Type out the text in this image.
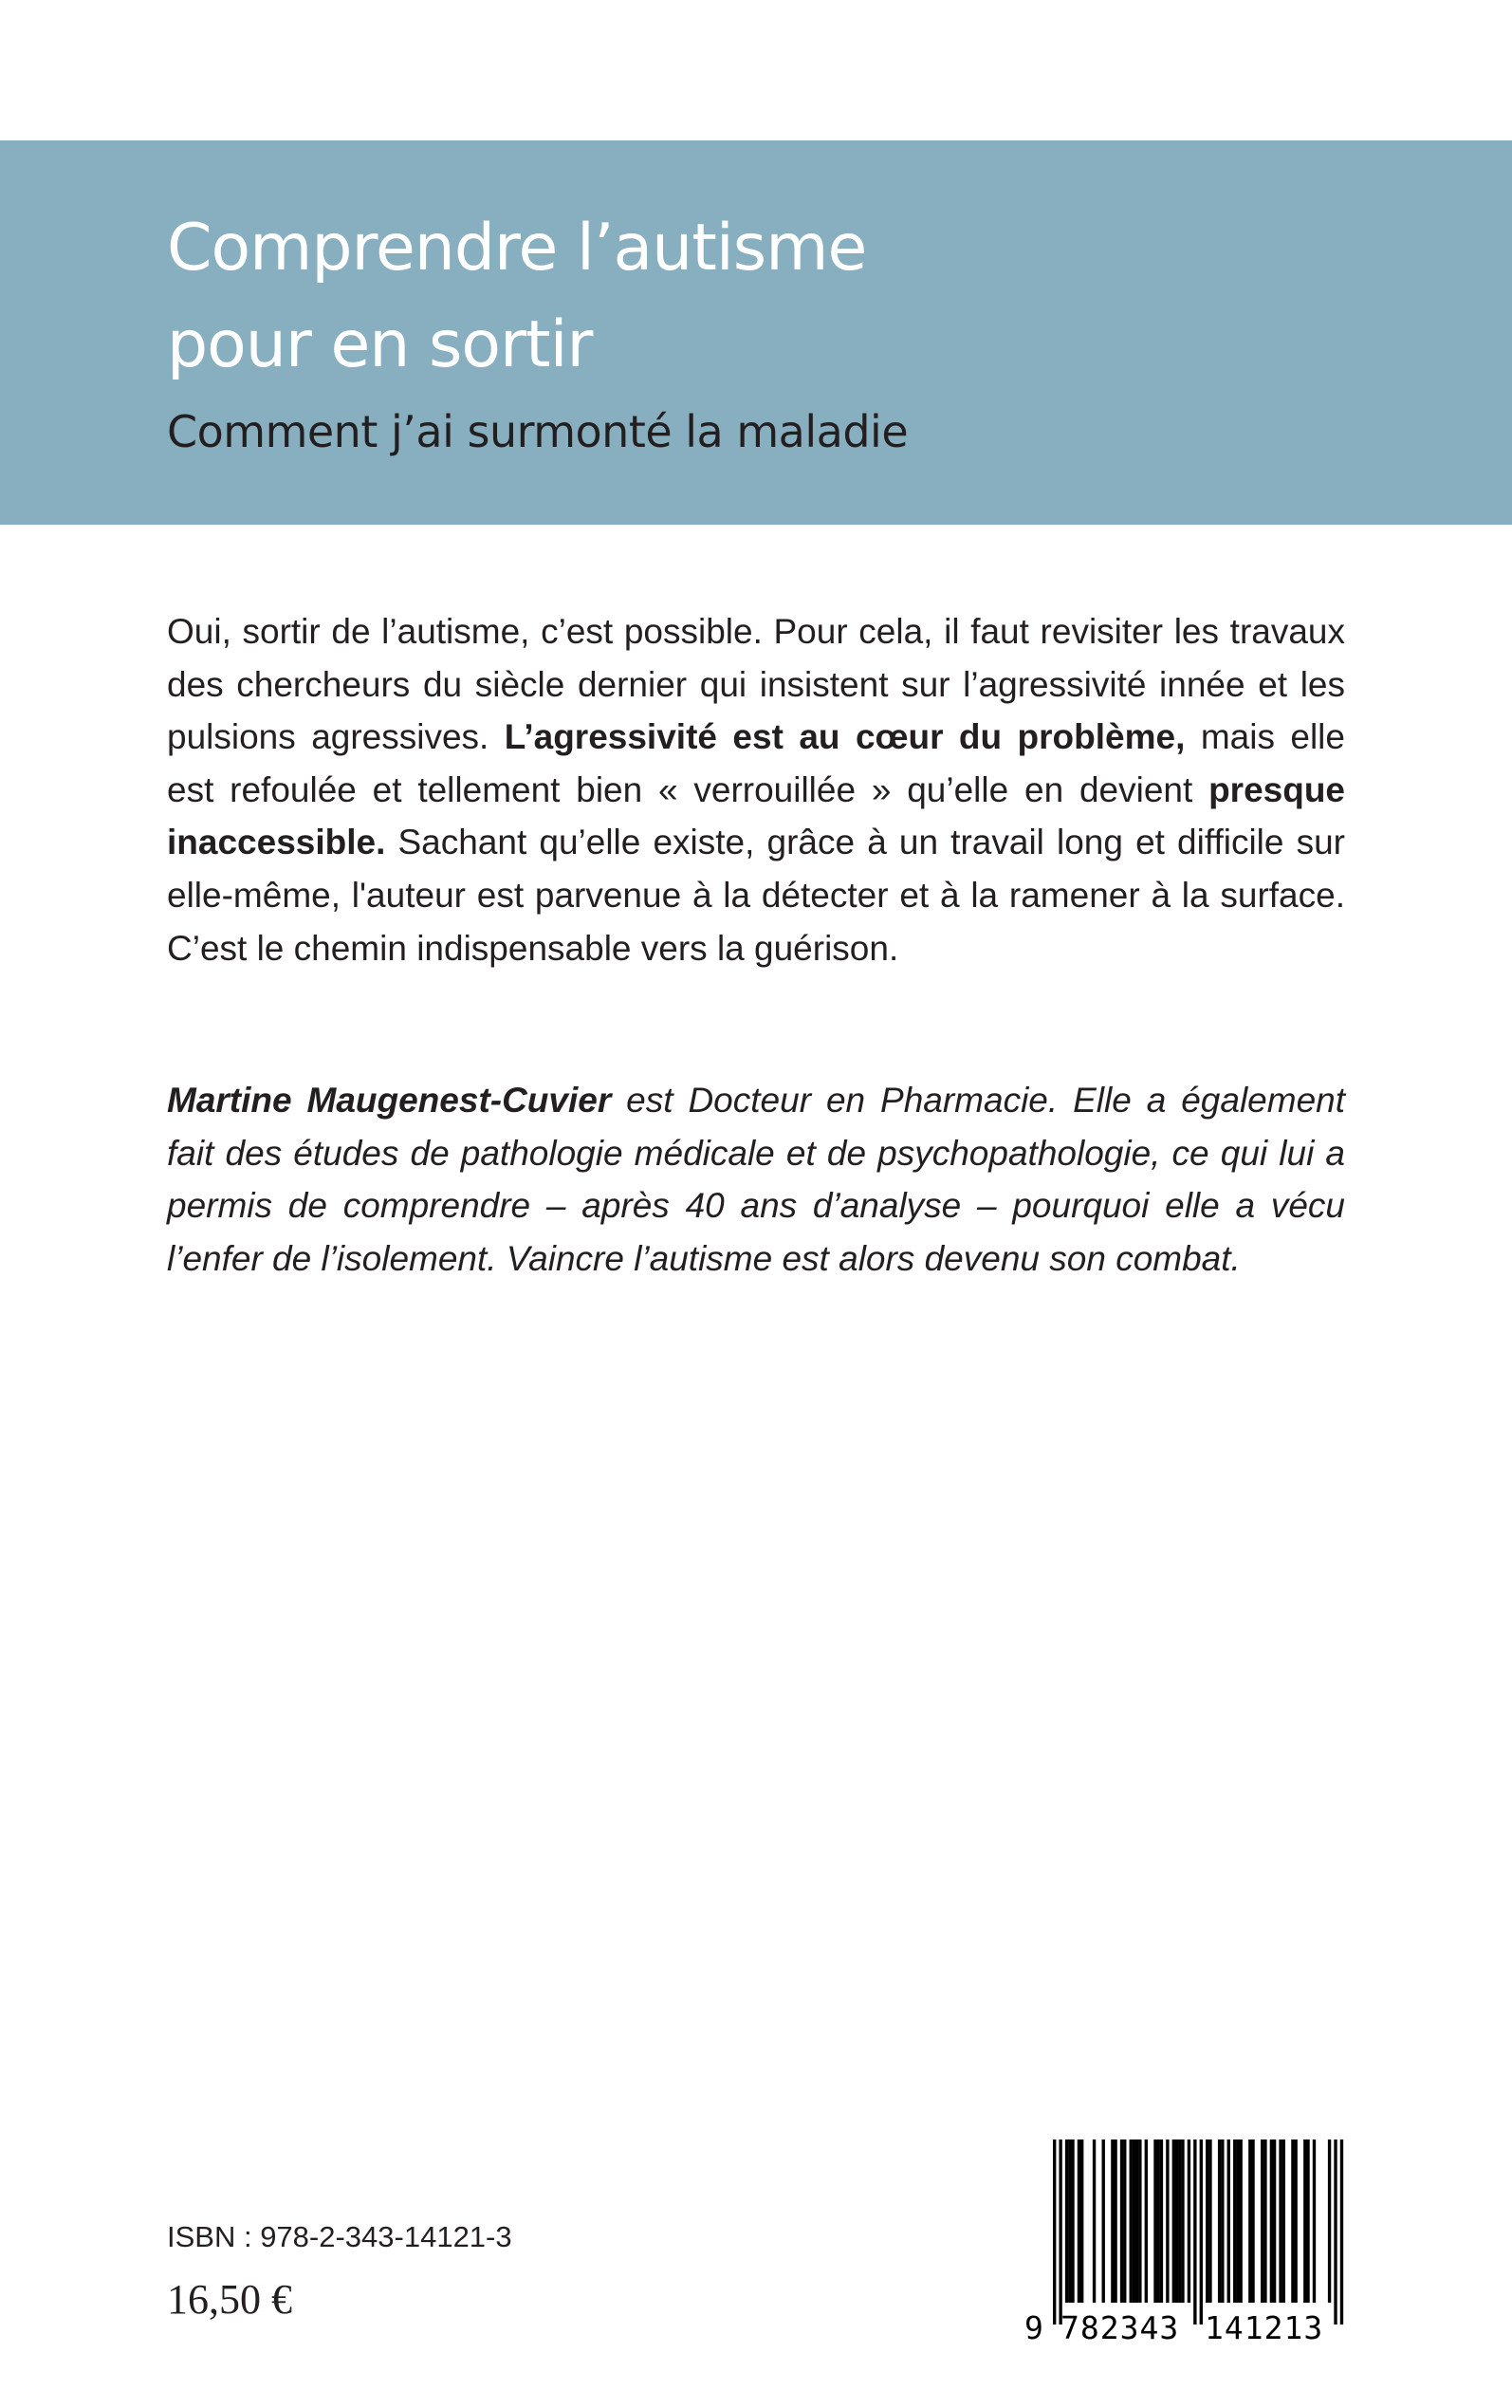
Comprendre l’autisme
pour en sortir
Comment j’ai surmonté la maladie

Oui, sortir de l’autisme, c’est possible. Pour cela, il faut revisiter les travaux des chercheurs du siècle dernier qui insistent sur l’agressivité innée et les pulsions agressives. L’agressivité est au cœur du problème, mais elle est refoulée et tellement bien « verrouillée » qu’elle en devient presque inaccessible. Sachant qu’elle existe, grâce à un travail long et difficile sur elle-même, l'auteur est parvenue à la détecter et à la ramener à la surface. C’est le chemin indispensable vers la guérison.

Martine Maugenest-Cuvier est Docteur en Pharmacie. Elle a également fait des études de pathologie médicale et de psychopathologie, ce qui lui a permis de comprendre – après 40 ans d’analyse – pourquoi elle a vécu l’enfer de l’isolement. Vaincre l’autisme est alors devenu son combat.

ISBN : 978-2-343-14121-3
16,50 €
9 782343 141213
